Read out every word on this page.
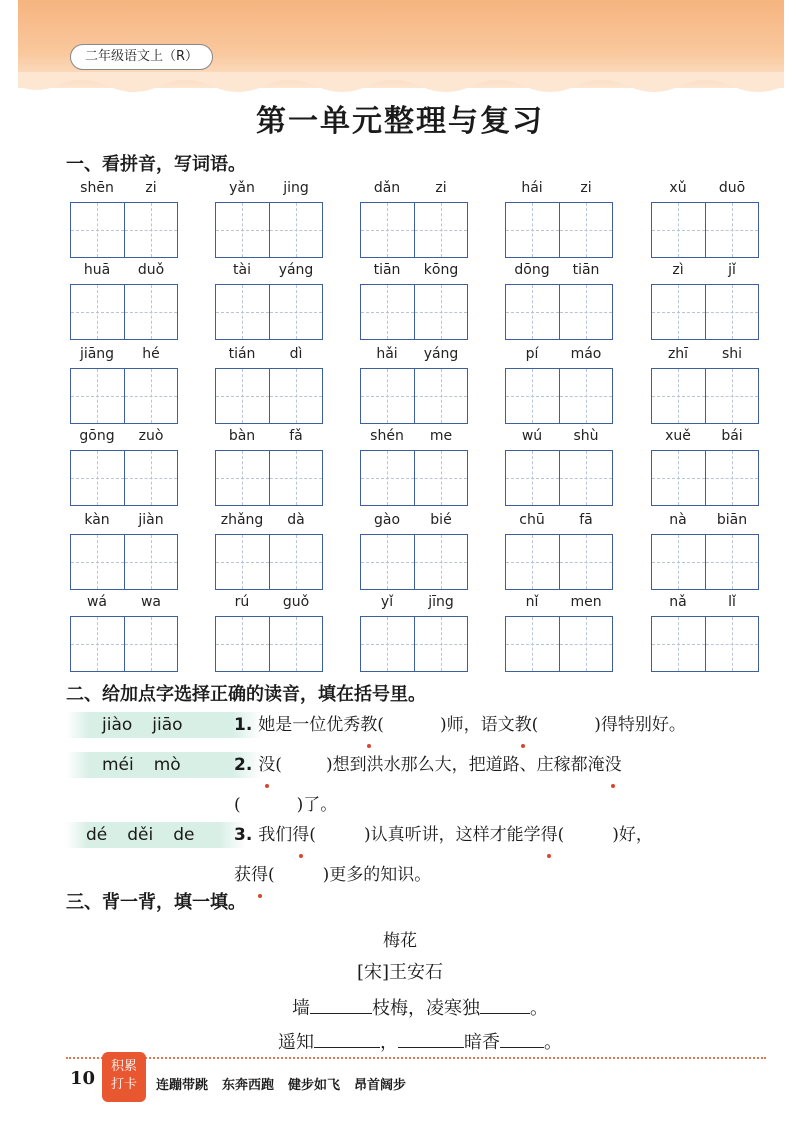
二年级语文上（R）
第一单元整理与复习
一、看拼音，写词语。
shēn	zi	yǎn	jing	dǎn	zi	hái	zi	xǔ	duō
huā	duǒ	tài	yáng	tiān	kōng	dōng	tiān	zì	jǐ
jiāng	hé	tián	dì	hǎi	yáng	pí	máo	zhī	shi
gōng	zuò	bàn	fǎ	shén	me	wú	shù	xuě	bái
kàn	jiàn	zhǎng	dà	gào	bié	chū	fā	nà	biān
wá	wa	rú	guǒ	yǐ	jīng	nǐ	men	nǎ	lǐ
二、给加点字选择正确的读音，填在括号里。
jiào jiāo	1. 她是一位优秀教(	)师，语文教(	)得特别好。
méi mò	2. 没(	)想到洪水那么大，把道路、庄稼都淹没
(	)了。
dé děi de	3. 我们得(	)认真听讲，这样才能学得(	)好，
获得(	)更多的知识。
三、背一背，填一填。
梅花
[宋]王安石
墙	枝梅，凌寒独	。
遥知	，	暗香 。
10
积累
打卡	连蹦带跳 东奔西跑 健步如飞 昂首阔步
